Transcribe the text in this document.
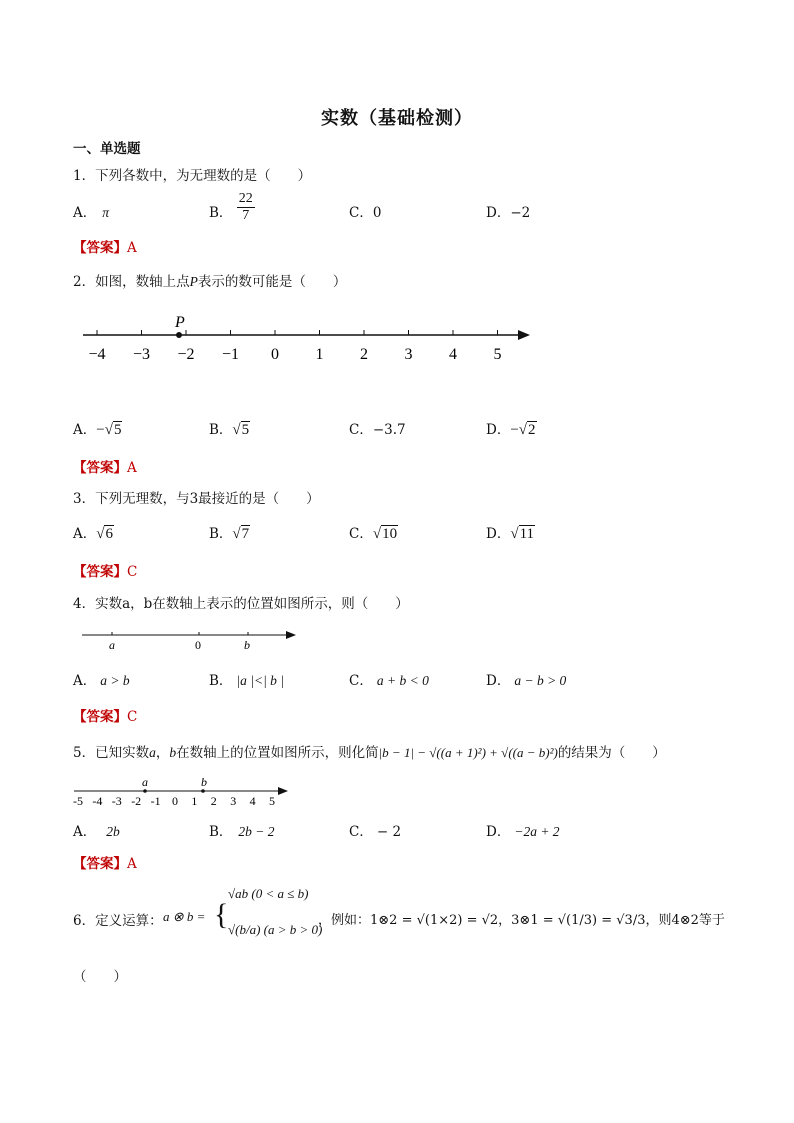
实数（基础检测）
一、单选题
1．下列各数中，为无理数的是（　　）
A． π	B． $\frac{22}{7}$	C．0	D．−2
【答案】A
2．如图，数轴上点P表示的数可能是（　　）
−4 −3 −2 −1 0 1 2 3 4 5
P
A．−√5	B．√5	C．−3.7	D．−√2
【答案】A
3．下列无理数，与3最接近的是（　　）
A．√6	B．√7	C．√10	D．√11
【答案】C
4．实数a，b在数轴上表示的位置如图所示，则（　　）
a	0	b
A． a > b	B． |a |<| b |	C． a + b < 0	D． a − b > 0
【答案】C
5．已知实数a，b在数轴上的位置如图所示，则化简|b − 1| − √((a + 1)²) + √((a − b)²)的结果为（　　）
-5 -4 -3 -2 -1 0 1 2 3 4 5
a	b
A． 2b	B． 2b − 2	C． − 2	D． −2a + 2
【答案】A
6．定义运算： a ⊗ b = {
√ab (0 < a ≤ b)
√(b/a) (a > b > 0)
，例如：1⊗2 = √(1×2) = √2，3⊗1 = √(1/3) = √3/3，则4⊗2等于
（　　）
